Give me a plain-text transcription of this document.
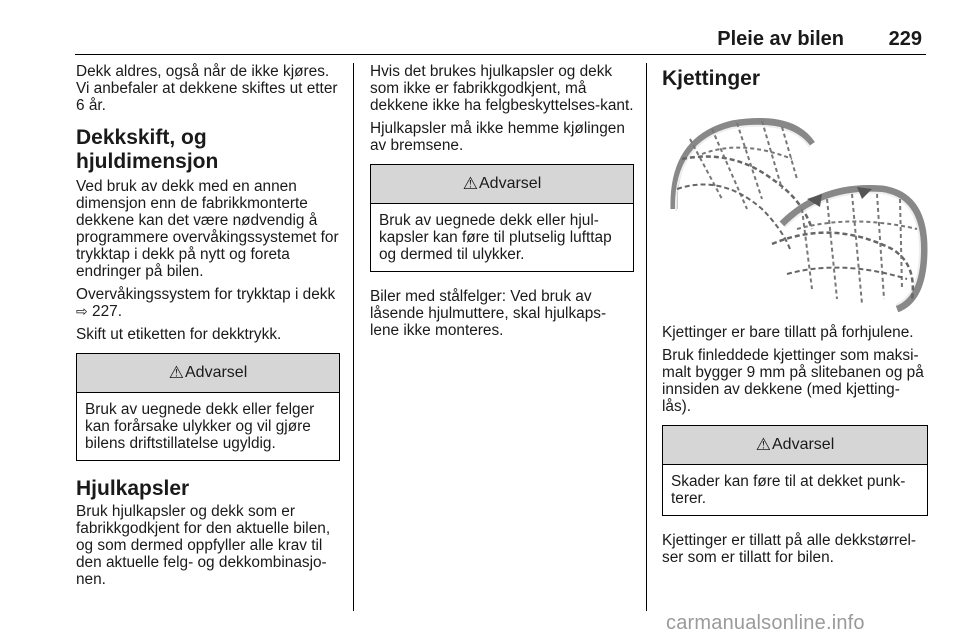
Pleie av bilen 229

Dekk aldres, også når de ikke kjøres. Vi anbefaler at dekkene skiftes ut etter 6 år.

Dekkskift, og hjuldimensjon

Ved bruk av dekk med en annen dimensjon enn de fabrikkmonterte dekkene kan det være nødvendig å programmere overvåkingssystemet for trykktap i dekk på nytt og foreta endringer på bilen.

Overvåkingssystem for trykktap i dekk ⇨ 227.

Skift ut etiketten for dekktrykk.

⚠ Advarsel
Bruk av uegnede dekk eller felger kan forårsake ulykker og vil gjøre bilens driftstillatelse ugyldig.
Hjulkapsler

Bruk hjulkapsler og dekk som er fabrikkgodkjent for den aktuelle bilen, og som dermed oppfyller alle krav til den aktuelle felg- og dekkombinasjo-nen.

Hvis det brukes hjulkapsler og dekk som ikke er fabrikkgodkjent, må dekkene ikke ha felgbeskyttelses-kant.

Hjulkapsler må ikke hemme kjølingen av bremsene.

⚠ Advarsel
Bruk av uegnede dekk eller hjul-kapsler kan føre til plutselig lufttap og dermed til ulykker.

Biler med stålfelger: Ved bruk av låsende hjulmuttere, skal hjulkaps-lene ikke monteres.

Kjettinger

Kjettinger er bare tillatt på forhjulene.

Bruk finleddede kjettinger som maksi-malt bygger 9 mm på slitebanen og på innsiden av dekkene (med kjetting-lås).

⚠ Advarsel
Skader kan føre til at dekket punk-terer.

Kjettinger er tillatt på alle dekkstørrel-ser som er tillatt for bilen.

carmanualsonline.info
